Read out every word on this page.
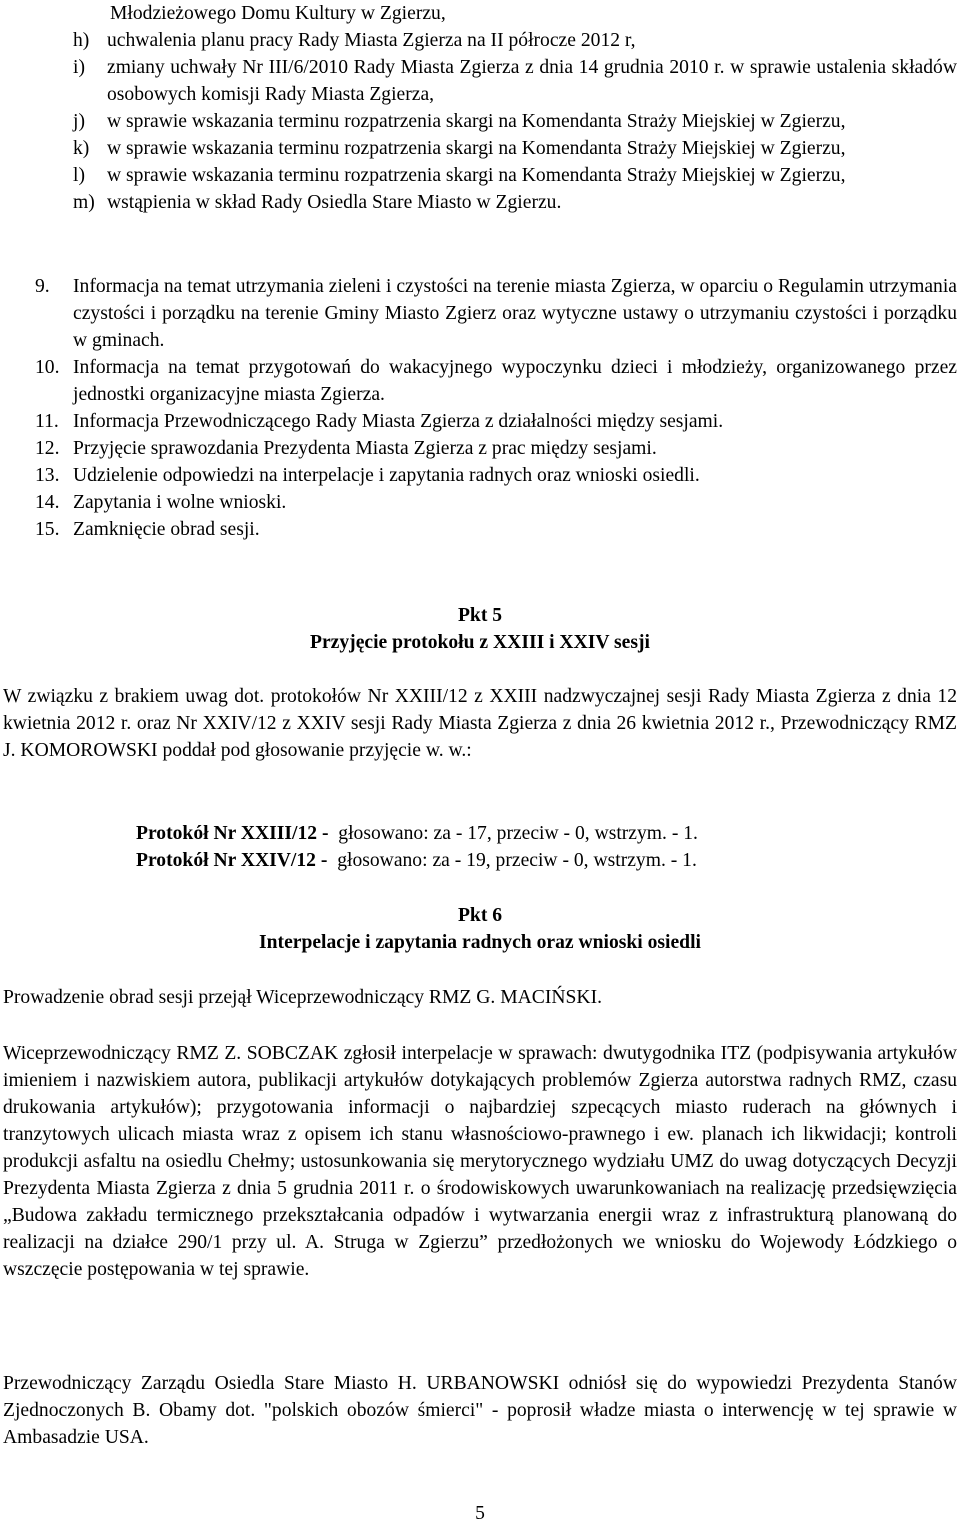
Młodzieżowego Domu Kultury w Zgierzu,

h) uchwalenia planu pracy Rady Miasta Zgierza na II półrocze 2012 r,

i) zmiany uchwały Nr III/6/2010 Rady Miasta Zgierza z dnia 14 grudnia 2010 r. w sprawie ustalenia składów osobowych komisji Rady Miasta Zgierza,

j) w sprawie wskazania terminu rozpatrzenia skargi na Komendanta Straży Miejskiej w Zgierzu,

k) w sprawie wskazania terminu rozpatrzenia skargi na Komendanta Straży Miejskiej w Zgierzu,

l) w sprawie wskazania terminu rozpatrzenia skargi na Komendanta Straży Miejskiej w Zgierzu,

m) wstąpienia w skład Rady Osiedla Stare Miasto w Zgierzu.

9. Informacja na temat utrzymania zieleni i czystości na terenie miasta Zgierza, w oparciu o Regulamin utrzymania czystości i porządku na terenie Gminy Miasto Zgierz oraz wytyczne ustawy o utrzymaniu czystości i porządku w gminach.

10. Informacja na temat przygotowań do wakacyjnego wypoczynku dzieci i młodzieży, organizowanego przez jednostki organizacyjne miasta Zgierza.

11. Informacja Przewodniczącego Rady Miasta Zgierza z działalności między sesjami.

12. Przyjęcie sprawozdania Prezydenta Miasta Zgierza z prac między sesjami.

13. Udzielenie odpowiedzi na interpelacje i zapytania radnych oraz wnioski osiedli.

14. Zapytania i wolne wnioski.

15. Zamknięcie obrad sesji.

Pkt 5

Przyjęcie protokołu z XXIII i XXIV sesji

W związku z brakiem uwag dot. protokołów Nr XXIII/12 z XXIII nadzwyczajnej sesji Rady Miasta Zgierza z dnia 12 kwietnia 2012 r. oraz Nr XXIV/12 z XXIV sesji Rady Miasta Zgierza z dnia 26 kwietnia 2012 r., Przewodniczący RMZ J. KOMOROWSKI poddał pod głosowanie przyjęcie w. w.:

Protokół Nr XXIII/12 - głosowano: za - 17, przeciw - 0, wstrzym. - 1.

Protokół Nr XXIV/12 - głosowano: za - 19, przeciw - 0, wstrzym. - 1.

Pkt 6

Interpelacje i zapytania radnych oraz wnioski osiedli

Prowadzenie obrad sesji przejął Wiceprzewodniczący RMZ G. MACIŃSKI.

Wiceprzewodniczący RMZ Z. SOBCZAK zgłosił interpelacje w sprawach: dwutygodnika ITZ (podpisywania artykułów imieniem i nazwiskiem autora, publikacji artykułów dotykających problemów Zgierza autorstwa radnych RMZ, czasu drukowania artykułów); przygotowania informacji o najbardziej szpecących miasto ruderach na głównych i tranzytowych ulicach miasta wraz z opisem ich stanu własnościowo-prawnego i ew. planach ich likwidacji; kontroli produkcji asfaltu na osiedlu Chełmy; ustosunkowania się merytorycznego wydziału UMZ do uwag dotyczących Decyzji Prezydenta Miasta Zgierza z dnia 5 grudnia 2011 r. o środowiskowych uwarunkowaniach na realizację przedsięwzięcia „Budowa zakładu termicznego przekształcania odpadów i wytwarzania energii wraz z infrastrukturą planowaną do realizacji na działce 290/1 przy ul. A. Struga w Zgierzu” przedłożonych we wniosku do Wojewody Łódzkiego o wszczęcie postępowania w tej sprawie.

Przewodniczący Zarządu Osiedla Stare Miasto H. URBANOWSKI odniósł się do wypowiedzi Prezydenta Stanów Zjednoczonych B. Obamy dot. "polskich obozów śmierci" - poprosił władze miasta o interwencję w tej sprawie w Ambasadzie USA.

5
